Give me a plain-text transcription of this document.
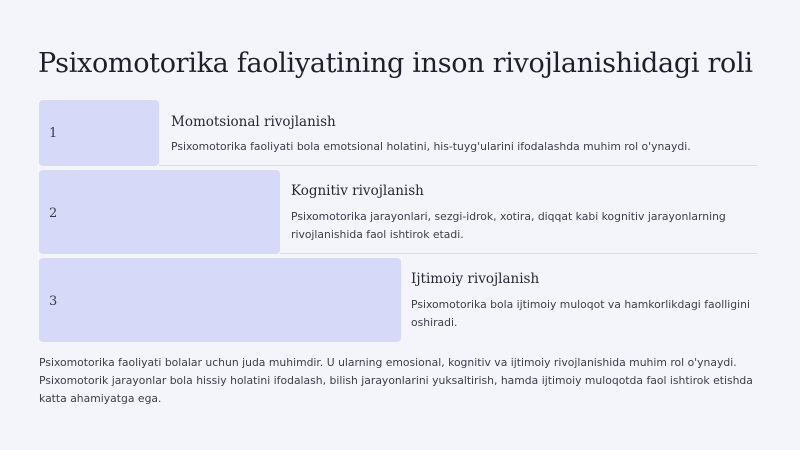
Psixomotorika faoliyatining inson rivojlanishidagi roli
1
Momotsional rivojlanish
Psixomotorika faoliyati bola emotsional holatini, his-tuyg'ularini ifodalashda muhim rol o'ynaydi.
2
Kognitiv rivojlanish
Psixomotorika jarayonlari, sezgi-idrok, xotira, diqqat kabi kognitiv jarayonlarning rivojlanishida faol ishtirok etadi.
3
Ijtimoiy rivojlanish
Psixomotorika bola ijtimoiy muloqot va hamkorlikdagi faolligini oshiradi.

Psixomotorika faoliyati bolalar uchun juda muhimdir. U ularning emosional, kognitiv va ijtimoiy rivojlanishida muhim rol o'ynaydi. Psixomotorik jarayonlar bola hissiy holatini ifodalash, bilish jarayonlarini yuksaltirish, hamda ijtimoiy muloqotda faol ishtirok etishda katta ahamiyatga ega.
